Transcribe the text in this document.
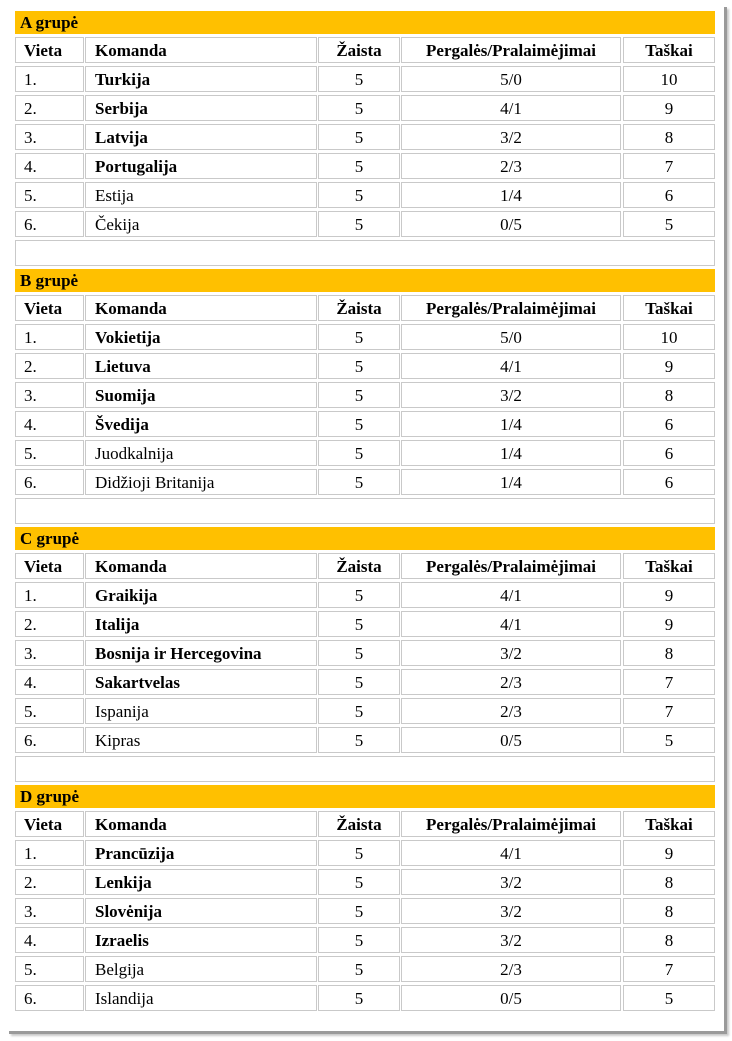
A grupė
Vieta	Komanda	Žaista	Pergalės/Pralaimėjimai	Taškai
1.	Turkija	5	5/0	10
2.	Serbija	5	4/1	9
3.	Latvija	5	3/2	8
4.	Portugalija	5	2/3	7
5.	Estija	5	1/4	6
6.	Čekija	5	0/5	5
B grupė
Vieta	Komanda	Žaista	Pergalės/Pralaimėjimai	Taškai
1.	Vokietija	5	5/0	10
2.	Lietuva	5	4/1	9
3.	Suomija	5	3/2	8
4.	Švedija	5	1/4	6
5.	Juodkalnija	5	1/4	6
6.	Didžioji Britanija	5	1/4	6
C grupė
Vieta	Komanda	Žaista	Pergalės/Pralaimėjimai	Taškai
1.	Graikija	5	4/1	9
2.	Italija	5	4/1	9
3.	Bosnija ir Hercegovina	5	3/2	8
4.	Sakartvelas	5	2/3	7
5.	Ispanija	5	2/3	7
6.	Kipras	5	0/5	5
D grupė
Vieta	Komanda	Žaista	Pergalės/Pralaimėjimai	Taškai
1.	Prancūzija	5	4/1	9
2.	Lenkija	5	3/2	8
3.	Slovėnija	5	3/2	8
4.	Izraelis	5	3/2	8
5.	Belgija	5	2/3	7
6.	Islandija	5	0/5	5
